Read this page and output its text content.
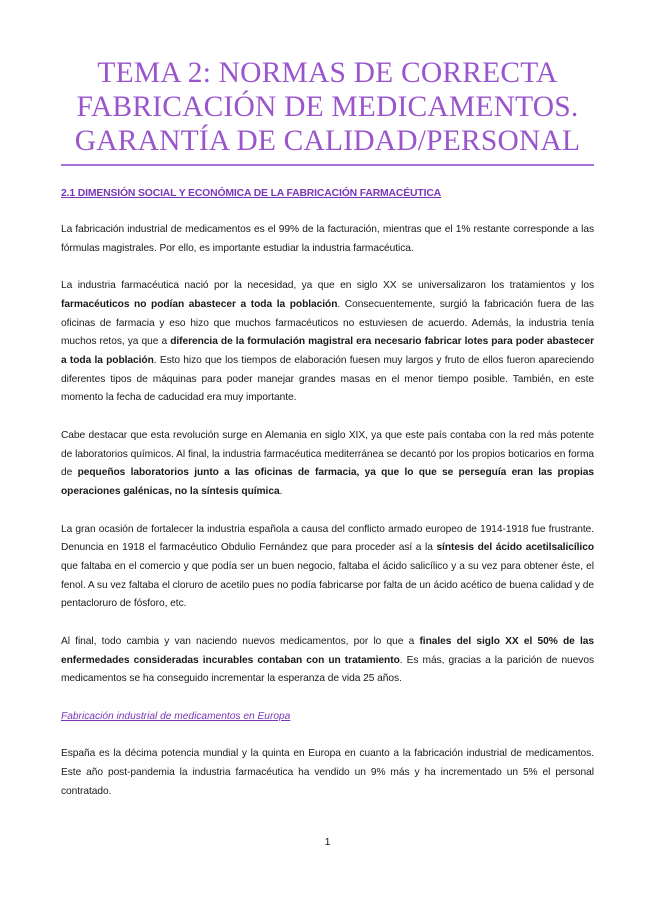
TEMA 2: NORMAS DE CORRECTA
FABRICACIÓN DE MEDICAMENTOS.
GARANTÍA DE CALIDAD/PERSONAL
2.1 DIMENSIÓN SOCIAL Y ECONÓMICA DE LA FABRICACIÓN FARMACÉUTICA

La fabricación industrial de medicamentos es el 99% de la facturación, mientras que el 1% restante corresponde a las fórmulas magistrales. Por ello, es importante estudiar la industria farmacéutica.

La industria farmacéutica nació por la necesidad, ya que en siglo XX se universalizaron los tratamientos y los farmacéuticos no podían abastecer a toda la población. Consecuentemente, surgió la fabricación fuera de las oficinas de farmacia y eso hizo que muchos farmacéuticos no estuviesen de acuerdo. Además, la industria tenía muchos retos, ya que a diferencia de la formulación magistral era necesario fabricar lotes para poder abastecer a toda la población. Esto hizo que los tiempos de elaboración fuesen muy largos y fruto de ellos fueron apareciendo diferentes tipos de máquinas para poder manejar grandes masas en el menor tiempo posible. También, en este momento la fecha de caducidad era muy importante.

Cabe destacar que esta revolución surge en Alemania en siglo XIX, ya que este país contaba con la red más potente de laboratorios químicos. Al final, la industria farmacéutica mediterránea se decantó por los propios boticarios en forma de pequeños laboratorios junto a las oficinas de farmacia, ya que lo que se perseguía eran las propias operaciones galénicas, no la síntesis química.

La gran ocasión de fortalecer la industria española a causa del conflicto armado europeo de 1914-1918 fue frustrante. Denuncia en 1918 el farmacéutico Obdulio Fernández que para proceder así a la síntesis del ácido acetilsalicílico que faltaba en el comercio y que podía ser un buen negocio, faltaba el ácido salicílico y a su vez para obtener éste, el fenol. A su vez faltaba el cloruro de acetilo pues no podía fabricarse por falta de un ácido acético de buena calidad y de pentacloruro de fósforo, etc.

Al final, todo cambia y van naciendo nuevos medicamentos, por lo que a finales del siglo XX el 50% de las enfermedades consideradas incurables contaban con un tratamiento. Es más, gracias a la parición de nuevos medicamentos se ha conseguido incrementar la esperanza de vida 25 años.

Fabricación industrial de medicamentos en Europa

España es la décima potencia mundial y la quinta en Europa en cuanto a la fabricación industrial de medicamentos. Este año post-pandemia la industria farmacéutica ha vendido un 9% más y ha incrementado un 5% el personal contratado.

1
